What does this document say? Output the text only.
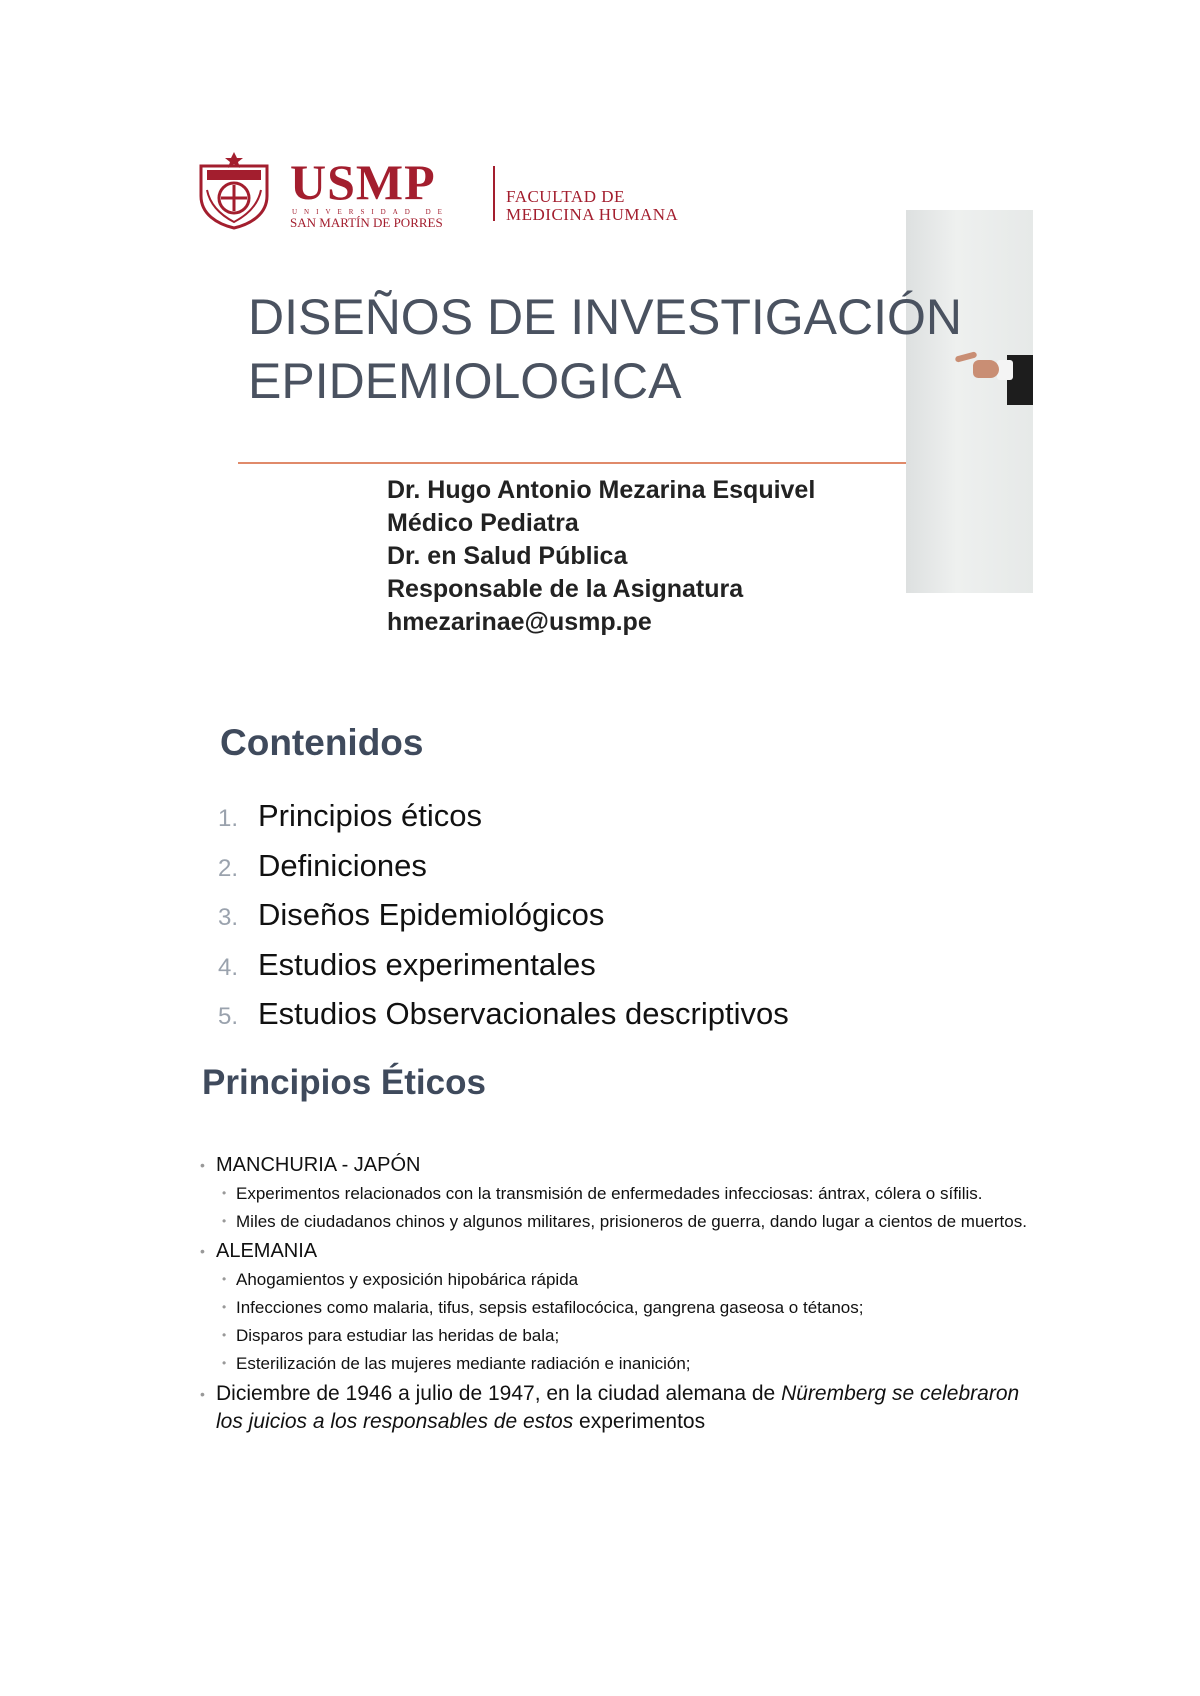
USMP
UNIVERSIDAD DE
SAN MARTÍN DE PORRES
FACULTAD DE
MEDICINA HUMANA
DISEÑOS DE INVESTIGACIÓN
EPIDEMIOLOGICA
Dr. Hugo Antonio Mezarina Esquivel
Médico Pediatra
Dr. en Salud Pública
Responsable de la Asignatura
hmezarinae@usmp.pe
Contenidos
1. Principios éticos
2. Definiciones
3. Diseños Epidemiológicos
4. Estudios experimentales
5. Estudios Observacionales descriptivos
Principios Éticos
• MANCHURIA - JAPÓN
• Experimentos relacionados con la transmisión de enfermedades infecciosas: ántrax, cólera o sífilis.
• Miles de ciudadanos chinos y algunos militares, prisioneros de guerra, dando lugar a cientos de muertos.
• ALEMANIA
• Ahogamientos y exposición hipobárica rápida
• Infecciones como malaria, tifus, sepsis estafilocócica, gangrena gaseosa o tétanos;
• Disparos para estudiar las heridas de bala;
• Esterilización de las mujeres mediante radiación e inanición;
• Diciembre de 1946 a julio de 1947, en la ciudad alemana de Nüremberg se celebraron los juicios a los responsables de estos experimentos
